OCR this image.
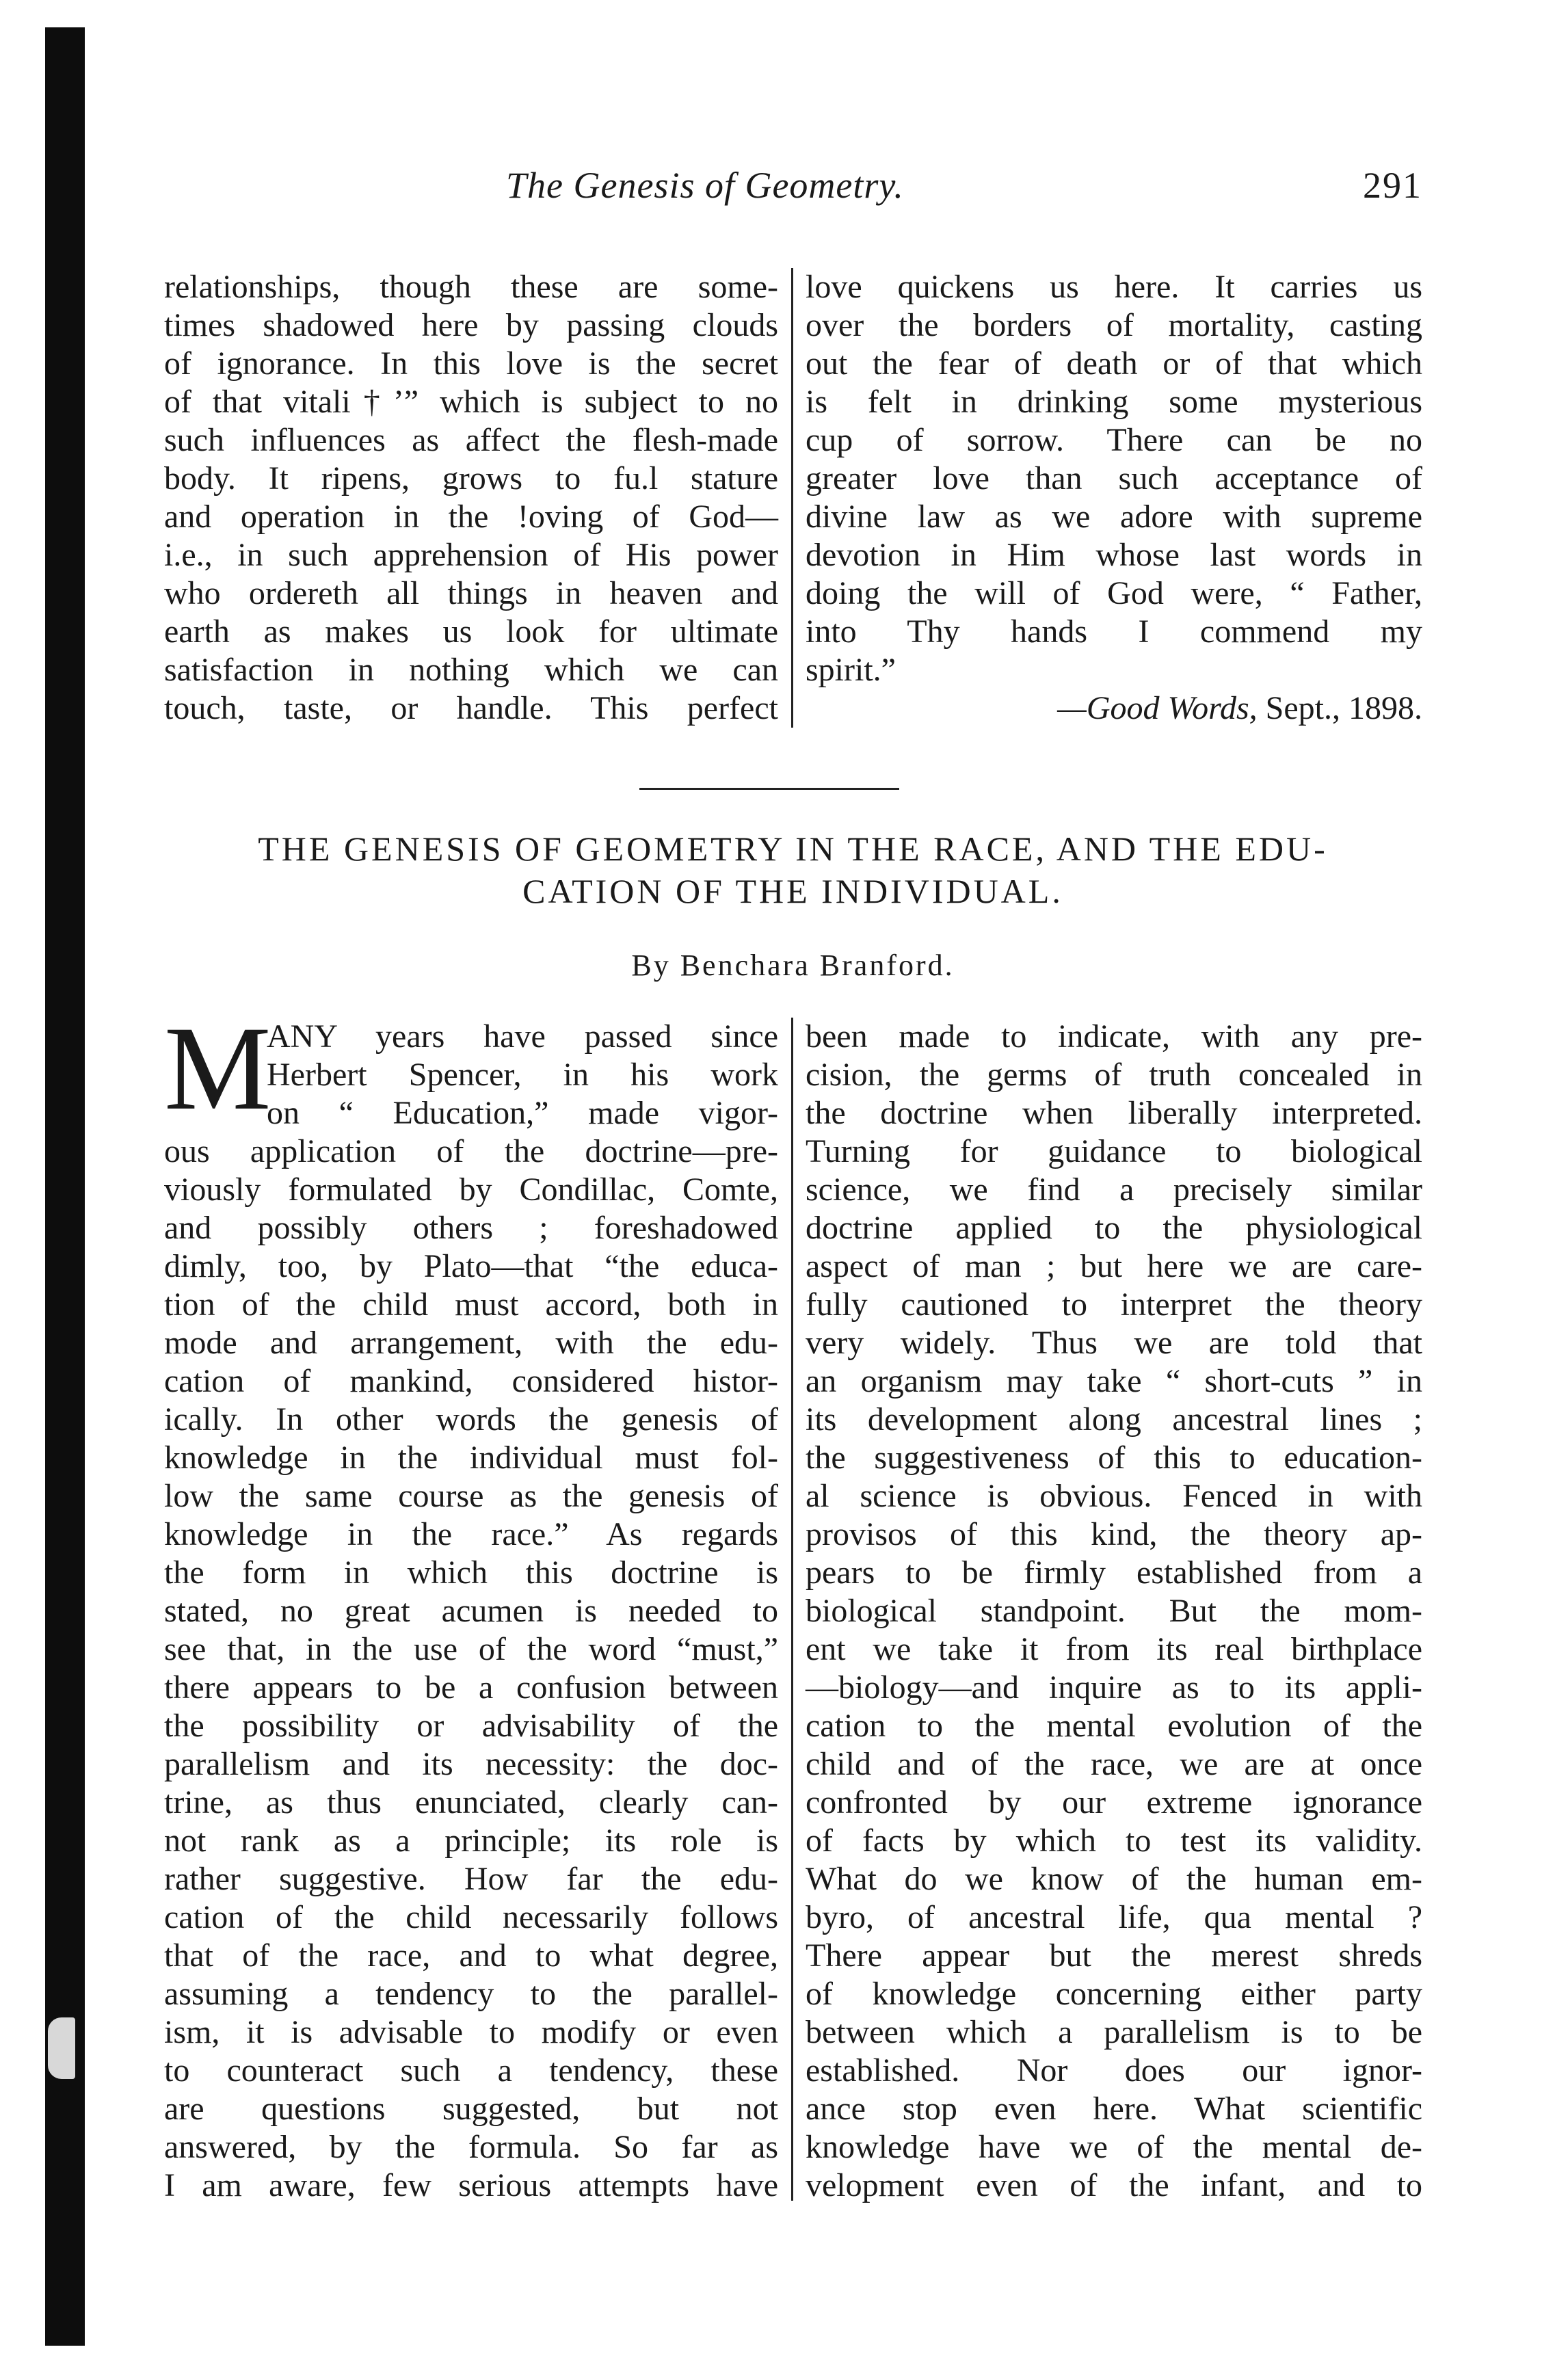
The Genesis of Geometry.	291
relationships, though these are some-
times shadowed here by passing clouds
of ignorance. In this love is the secret
of that vitali†’” which is subject to no
such influences as affect the flesh-made
body. It ripens, grows to fu.l stature
and operation in the !oving of God—
i.e., in such apprehension of His power
who ordereth all things in heaven and
earth as makes us look for ultimate
satisfaction in nothing which we can
touch, taste, or handle. This perfect
love quickens us here. It carries us
over the borders of mortality, casting
out the fear of death or of that which
is felt in drinking some mysterious
cup of sorrow. There can be no
greater love than such acceptance of
divine law as we adore with supreme
devotion in Him whose last words in
doing the will of God were, “ Father,
into Thy hands I commend my
spirit.”
—Good Words, Sept., 1898.
THE GENESIS OF GEOMETRY IN THE RACE, AND THE EDU-
CATION OF THE INDIVIDUAL.
By Benchara Branford.
M
ANY years have passed since
Herbert Spencer, in his work
on “ Education,” made vigor-
ous application of the doctrine—pre-
viously formulated by Condillac, Comte,
and possibly others ; foreshadowed
dimly, too, by Plato—that “the educa-
tion of the child must accord, both in
mode and arrangement, with the edu-
cation of mankind, considered histor-
ically. In other words the genesis of
knowledge in the individual must fol-
low the same course as the genesis of
knowledge in the race.” As regards
the form in which this doctrine is
stated, no great acumen is needed to
see that, in the use of the word “must,”
there appears to be a confusion between
the possibility or advisability of the
parallelism and its necessity: the doc-
trine, as thus enunciated, clearly can-
not rank as a principle; its role is
rather suggestive. How far the edu-
cation of the child necessarily follows
that of the race, and to what degree,
assuming a tendency to the parallel-
ism, it is advisable to modify or even
to counteract such a tendency, these
are questions suggested, but not
answered, by the formula. So far as
I am aware, few serious attempts have
been made to indicate, with any pre-
cision, the germs of truth concealed in
the doctrine when liberally interpreted.
Turning for guidance to biological
science, we find a precisely similar
doctrine applied to the physiological
aspect of man ; but here we are care-
fully cautioned to interpret the theory
very widely. Thus we are told that
an organism may take “ short-cuts ” in
its development along ancestral lines ;
the suggestiveness of this to education-
al science is obvious. Fenced in with
provisos of this kind, the theory ap-
pears to be firmly established from a
biological standpoint. But the mom-
ent we take it from its real birthplace
—biology—and inquire as to its appli-
cation to the mental evolution of the
child and of the race, we are at once
confronted by our extreme ignorance
of facts by which to test its validity.
What do we know of the human em-
byro, of ancestral life, qua mental ?
There appear but the merest shreds
of knowledge concerning either party
between which a parallelism is to be
established. Nor does our ignor-
ance stop even here. What scientific
knowledge have we of the mental de-
velopment even of the infant, and to
